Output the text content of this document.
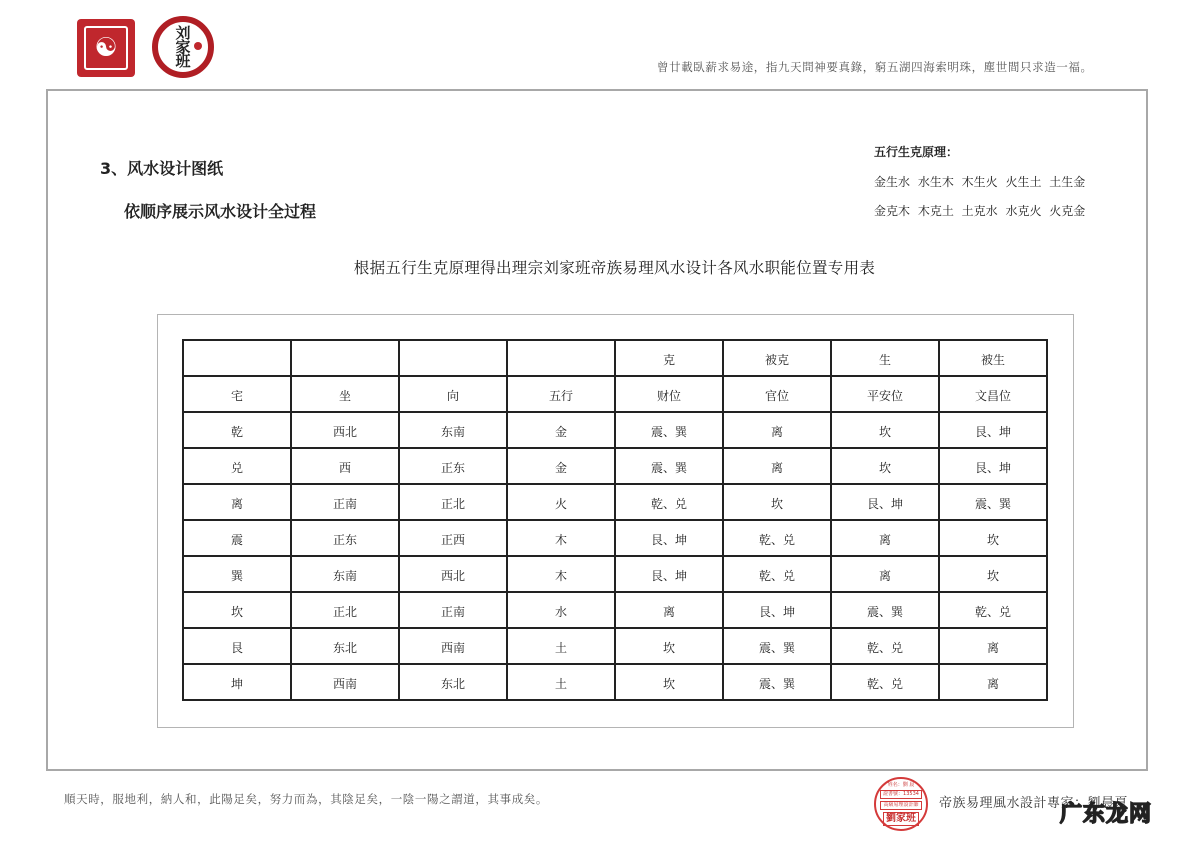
☯	刘
家
班	曾廿載臥薪求易途，指九天問神要真錄，窮五湖四海索明珠，塵世間只求造一福。
3、风水设计图纸
依顺序展示风水设计全过程
五行生克原理：
金生水 水生木 木生火 火生土 土生金
金克木 木克土 土克水 水克火 火克金
根据五行生克原理得出理宗刘家班帝族易理风水设计各风水职能位置专用表
				克	被克	生	被生
宅	坐	向	五行	财位	官位	平安位	文昌位
乾	西北	东南	金	震、巽	离	坎	艮、坤
兑	西	正东	金	震、巽	离	坎	艮、坤
离	正南	正北	火	乾、兑	坎	艮、坤	震、巽
震	正东	正西	木	艮、坤	乾、兑	离	坎
巽	东南	西北	木	艮、坤	乾、兑	离	坎
坎	正北	正南	水	离	艮、坤	震、巽	乾、兑
艮	东北	西南	土	坎	震、巽	乾、兑	离
坤	西南	东北	土	坎	震、巽	乾、兑	离
順天時，服地利，納人和，此陽足矣，努力而為，其陰足矣，一陰一陽之謂道，其事成矣。
姓名：劉 晨
證書號：13534
高級易理設計師
劉家班
帝族易理風水設計專家：劉晨夏
广东龙网
